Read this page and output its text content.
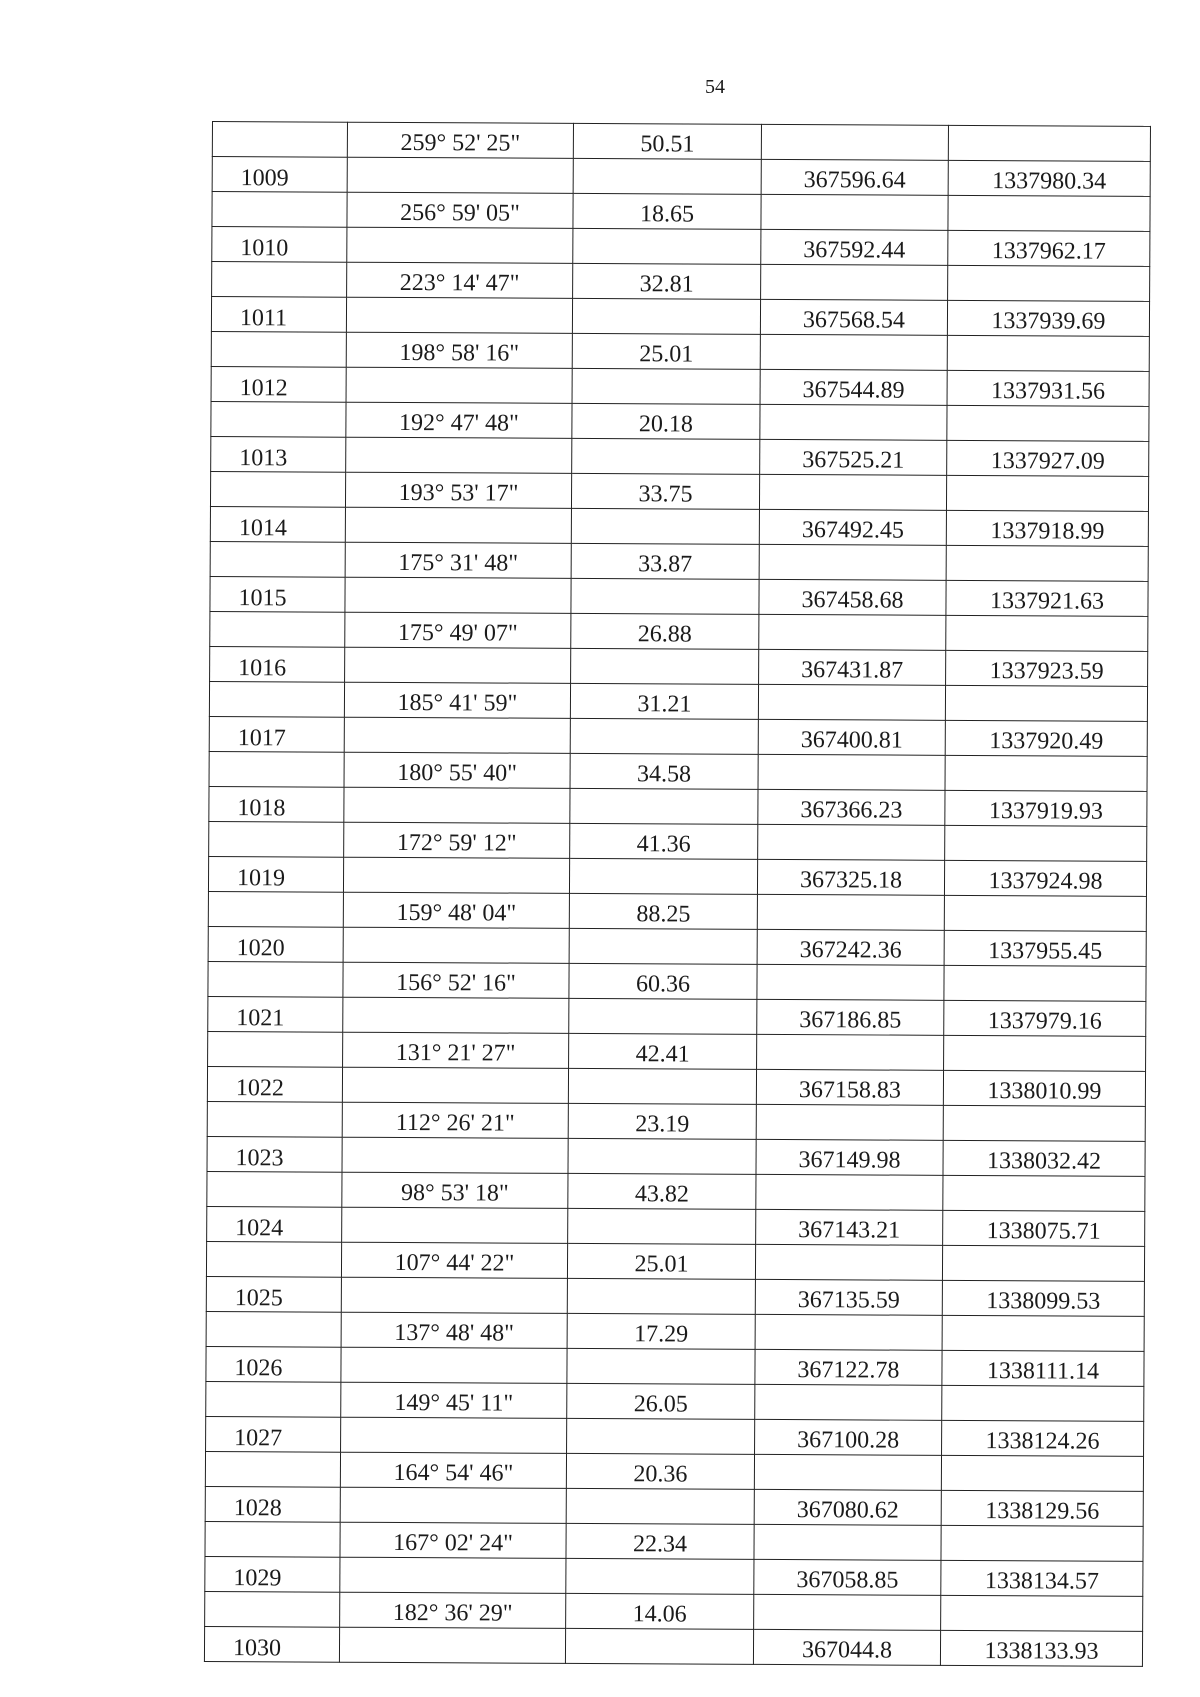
54
	259° 52' 25"	50.51		
1009			367596.64	1337980.34
	256° 59' 05"	18.65		
1010			367592.44	1337962.17
	223° 14' 47"	32.81		
1011			367568.54	1337939.69
	198° 58' 16"	25.01		
1012			367544.89	1337931.56
	192° 47' 48"	20.18		
1013			367525.21	1337927.09
	193° 53' 17"	33.75		
1014			367492.45	1337918.99
	175° 31' 48"	33.87		
1015			367458.68	1337921.63
	175° 49' 07"	26.88		
1016			367431.87	1337923.59
	185° 41' 59"	31.21		
1017			367400.81	1337920.49
	180° 55' 40"	34.58		
1018			367366.23	1337919.93
	172° 59' 12"	41.36		
1019			367325.18	1337924.98
	159° 48' 04"	88.25		
1020			367242.36	1337955.45
	156° 52' 16"	60.36		
1021			367186.85	1337979.16
	131° 21' 27"	42.41		
1022			367158.83	1338010.99
	112° 26' 21"	23.19		
1023			367149.98	1338032.42
	98° 53' 18"	43.82		
1024			367143.21	1338075.71
	107° 44' 22"	25.01		
1025			367135.59	1338099.53
	137° 48' 48"	17.29		
1026			367122.78	1338111.14
	149° 45' 11"	26.05		
1027			367100.28	1338124.26
	164° 54' 46"	20.36		
1028			367080.62	1338129.56
	167° 02' 24"	22.34		
1029			367058.85	1338134.57
	182° 36' 29"	14.06		
1030			367044.8	1338133.93
